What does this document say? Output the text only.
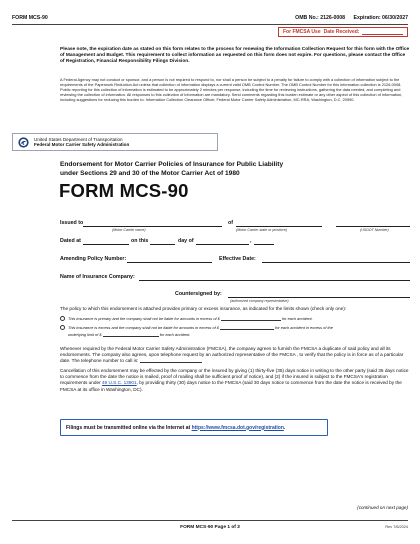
FORM MCS-90	OMB No.: 2126-0008 Expiration: 06/30/2027
For FMCSA Use Date Received:
Please note, the expiration date as stated on this form relates to the process for renewing the Information Collection Request for this form with the Office of Management and Budget. This requirement to collect information as requested on this form does not expire. For questions, please contact the Office of Registration, Financial Responsibility Filings Division.
A Federal Agency may not conduct or sponsor, and a person is not required to respond to, nor shall a person be subject to a penalty for failure to comply with a collection of information subject to the requirements of the Paperwork Reduction Act unless that collection of information displays a current valid OMB Control Number. The OMB Control Number for this information collection is 2126-0008. Public reporting for this collection of information is estimated to be approximately 2 minutes per response, including the time for reviewing instructions, gathering the data needed, and completing and reviewing the collection of information. All responses to this collection of information are mandatory. Send comments regarding this burden estimate or any other aspect of this collection of information, including suggestions for reducing this burden to: Information Collection Clearance Officer, Federal Motor Carrier Safety Administration, MC-RRA, Washington, D.C. 20590.
United States Department of Transportation
Federal Motor Carrier Safety Administration
Endorsement for Motor Carrier Policies of Insurance for Public Liability
under Sections 29 and 30 of the Motor Carrier Act of 1980
FORM MCS-90
Issued to	of
(Motor Carrier name)	(Motor Carrier state or province)	(USDOT Number)
Dated at	on this	day of	,
Amending Policy Number:	Effective Date:
Name of Insurance Company:
Countersigned by:
(authorized company representative)
The policy to which this endorsement is attached provides primary or excess insurance, as indicated for the limits shown (check only one):
This insurance is primary and the company shall not be liable for amounts in excess of $	for each accident.
This insurance is excess and the company shall not be liable for amounts in excess of $	for each accident in excess of the
underlying limit of $	for each accident.
Whenever required by the Federal Motor Carrier Safety Administration (FMCSA), the company agrees to furnish the FMCSA a duplicate of said policy and all its endorsements. The company also agrees, upon telephone request by an authorized representative of the FMCSA , to verify that the policy is in force as of a particular date. The telephone number to call is:
Cancellation of this endorsement may be effected by the company or the insured by giving (1) thirty-five (35) days notice in writing to the other party (said 35 days notice to commence from the date the notice is mailed, proof of mailing shall be sufficient proof of notice), and (2) if the insured is subject to the FMCSA's registration requirements under 49 U.S.C. 13901, by providing thirty (30) days notice to the FMCSA (said 30 days notice to commence from the date the notice is received by the FMCSA at its office in Washington, DC).
Filings must be transmitted online via the Internet at
https://www.fmcsa.dot.gov/registration .
(continued on next page)
FORM MCS-90 Page 1 of 3	Rev 7/6/2024
